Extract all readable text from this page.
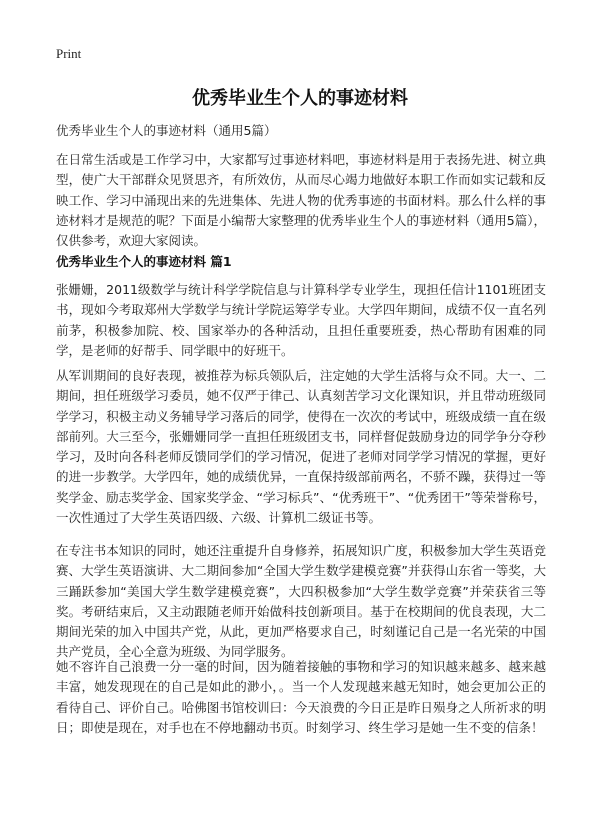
Print
优秀毕业生个人的事迹材料
优秀毕业生个人的事迹材料（通用5篇）

在日常生活或是工作学习中，大家都写过事迹材料吧，事迹材料是用于表扬先进、树立典型，使广大干部群众见贤思齐，有所效仿，从而尽心竭力地做好本职工作而如实记载和反映工作、学习中涌现出来的先进集体、先进人物的优秀事迹的书面材料。那么什么样的事迹材料才是规范的呢？下面是小编帮大家整理的优秀毕业生个人的事迹材料（通用5篇），仅供参考，欢迎大家阅读。

优秀毕业生个人的事迹材料 篇1

张姗姗，2011级数学与统计科学学院信息与计算科学专业学生，现担任信计1101班团支书，现如今考取郑州大学数学与统计学院运筹学专业。大学四年期间，成绩不仅一直名列前茅，积极参加院、校、国家举办的各种活动，且担任重要班委，热心帮助有困难的同学，是老师的好帮手、同学眼中的好班干。

从军训期间的良好表现，被推荐为标兵领队后，注定她的大学生活将与众不同。大一、二期间，担任班级学习委员，她不仅严于律己、认真刻苦学习文化课知识，并且带动班级同学学习，积极主动义务辅导学习落后的同学，使得在一次次的考试中，班级成绩一直在级部前列。大三至今，张姗姗同学一直担任班级团支书，同样督促鼓励身边的同学争分夺秒学习，及时向各科老师反馈同学们的学习情况，促进了老师对同学学习情况的掌握，更好的进一步教学。大学四年，她的成绩优异，一直保持级部前两名，不骄不躁，获得过一等奖学金、励志奖学金、国家奖学金、“学习标兵”、“优秀班干”、“优秀团干”等荣誉称号，一次性通过了大学生英语四级、六级、计算机二级证书等。

在专注书本知识的同时，她还注重提升自身修养，拓展知识广度，积极参加大学生英语竞赛、大学生英语演讲、大二期间参加“全国大学生数学建模竞赛”并获得山东省一等奖，大三踊跃参加“美国大学生数学建模竞赛”，大四积极参加“大学生数学竞赛”并荣获省三等奖。考研结束后，又主动跟随老师开始做科技创新项目。基于在校期间的优良表现，大二期间光荣的加入中国共产党，从此，更加严格要求自己，时刻谨记自己是一名光荣的中国共产党员，全心全意为班级、为同学服务。

她不容许自己浪费一分一毫的时间，因为随着接触的事物和学习的知识越来越多、越来越丰富，她发现现在的自己是如此的渺小，。当一个人发现越来越无知时，她会更加公正的看待自己、评价自己。哈佛图书馆校训曰：今天浪费的今日正是昨日殒身之人所祈求的明日；即使是现在，对手也在不停地翻动书页。时刻学习、终生学习是她一生不变的信条！
